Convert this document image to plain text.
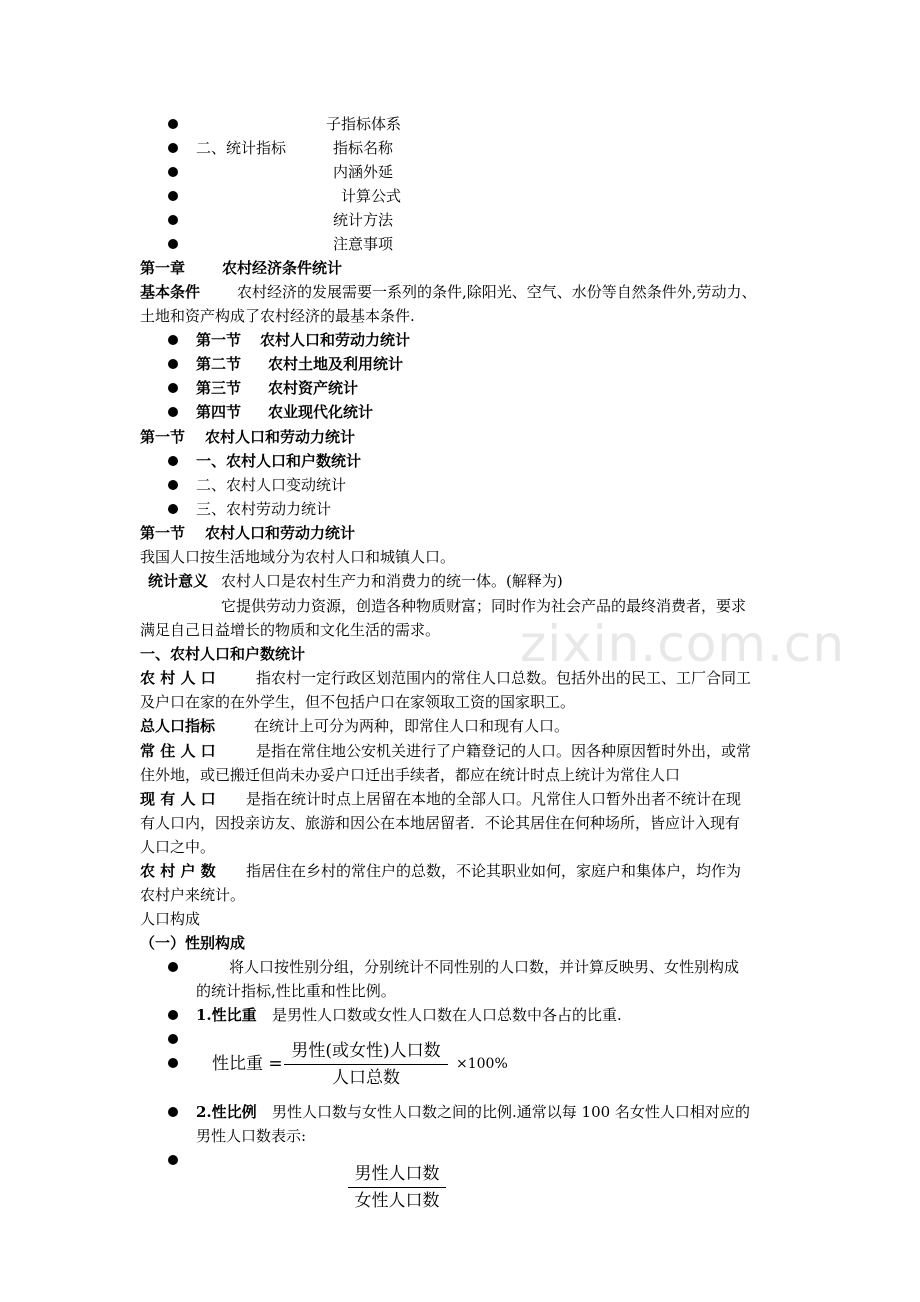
zixin.com.cn
子指标体系
二、统计指标	指标名称
内涵外延
计算公式
统计方法
注意事项
第一章 农村经济条件统计
基本条件 农村经济的发展需要一系列的条件,除阳光、空气、水份等自然条件外,劳动力、
土地和资产构成了农村经济的最基本条件.
第一节 农村人口和劳动力统计
第二节 农村土地及利用统计
第三节 农村资产统计
第四节 农业现代化统计
第一节 农村人口和劳动力统计
一、农村人口和户数统计
二、农村人口变动统计
三、农村劳动力统计
第一节 农村人口和劳动力统计
我国人口按生活地域分为农村人口和城镇人口。
统计意义 农村人口是农村生产力和消费力的统一体。(解释为)
它提供劳动力资源，创造各种物质财富；同时作为社会产品的最终消费者，要求
满足自己日益增长的物质和文化生活的需求。
一、农村人口和户数统计
农 村 人 口	指农村一定行政区划范围内的常住人口总数。包括外出的民工、工厂合同工
及户口在家的在外学生，但不包括户口在家领取工资的国家职工。
总人口指标	在统计上可分为两种，即常住人口和现有人口。
常 住 人 口	是指在常住地公安机关进行了户籍登记的人口。因各种原因暂时外出，或常
住外地，或已搬迁但尚未办妥户口迁出手续者，都应在统计时点上统计为常住人口
现 有 人 口 是指在统计时点上居留在本地的全部人口。凡常住人口暂外出者不统计在现
有人口内，因投亲访友、旅游和因公在本地居留者．不论其居住在何种场所，皆应计入现有
人口之中。
农 村 户 数 指居住在乡村的常住户的总数，不论其职业如何，家庭户和集体户，均作为
农村户来统计。
人口构成
（一）性别构成
将人口按性别分组，分别统计不同性别的人口数，并计算反映男、女性别构成
的统计指标,性比重和性比例。
1.性比重 是男性人口数或女性人口数在人口总数中各占的比重.
性比重 =
男性(或女性)人口数
人口总数
×100%
2.性比例 男性人口数与女性人口数之间的比例.通常以每 100 名女性人口相对应的
男性人口数表示:
男性人口数
女性人口数
